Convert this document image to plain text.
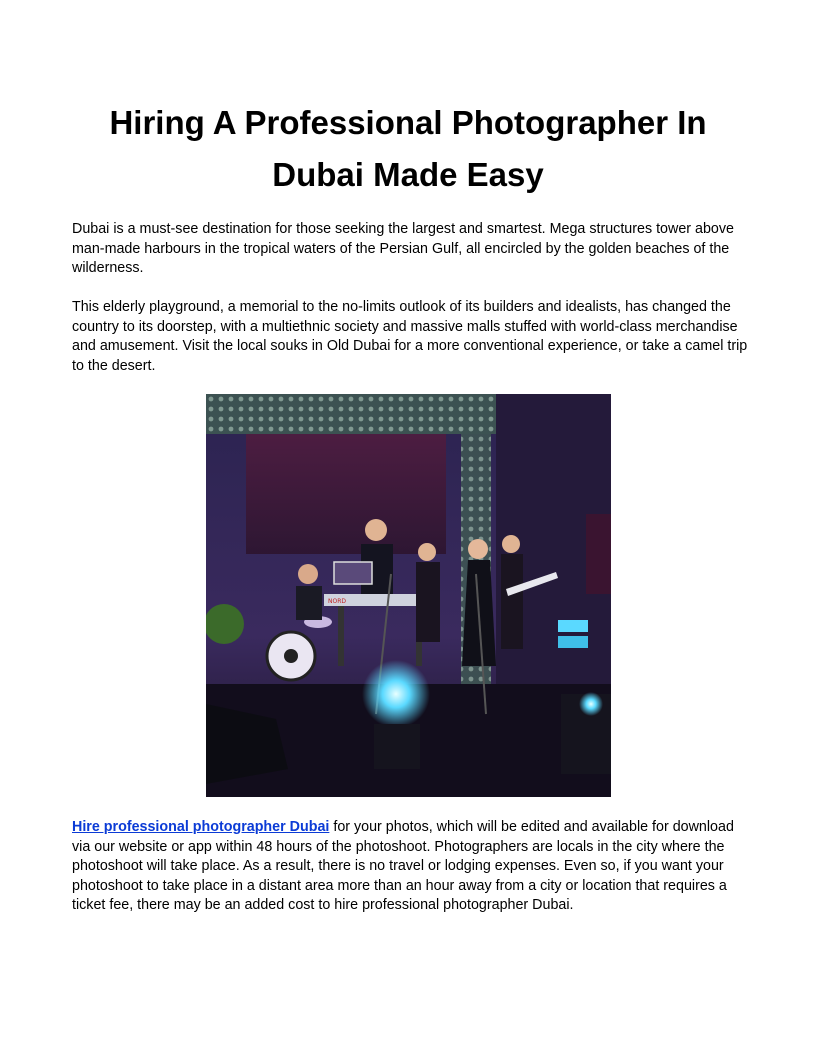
Hiring A Professional Photographer In
Dubai Made Easy

Dubai is a must-see destination for those seeking the largest and smartest. Mega structures tower above man-made harbours in the tropical waters of the Persian Gulf, all encircled by the golden beaches of the wilderness.

This elderly playground, a memorial to the no-limits outlook of its builders and idealists, has changed the country to its doorstep, with a multiethnic society and massive malls stuffed with world-class merchandise and amusement. Visit the local souks in Old Dubai for a more conventional experience, or take a camel trip to the desert.

NORD

Hire professional photographer Dubai for your photos, which will be edited and available for download via our website or app within 48 hours of the photoshoot. Photographers are locals in the city where the photoshoot will take place. As a result, there is no travel or lodging expenses. Even so, if you want your photoshoot to take place in a distant area more than an hour away from a city or location that requires a ticket fee, there may be an added cost to hire professional photographer Dubai.
